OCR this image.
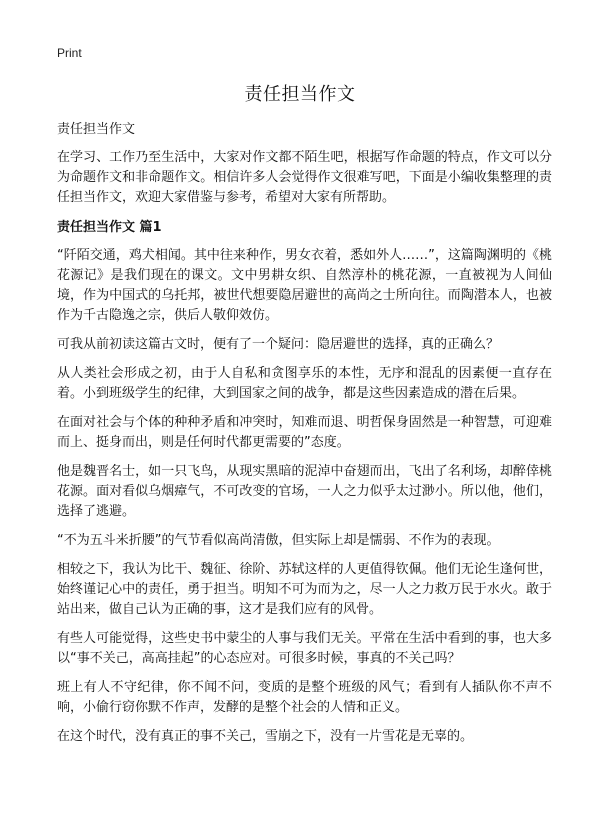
Print
责任担当作文
责任担当作文

在学习、工作乃至生活中，大家对作文都不陌生吧，根据写作命题的特点，作文可以分为命题作文和非命题作文。相信许多人会觉得作文很难写吧，下面是小编收集整理的责任担当作文，欢迎大家借鉴与参考，希望对大家有所帮助。

责任担当作文 篇1

“阡陌交通，鸡犬相闻。其中往来种作，男女衣着，悉如外人……”，这篇陶渊明的《桃花源记》是我们现在的课文。文中男耕女织、自然淳朴的桃花源，一直被视为人间仙境，作为中国式的乌托邦，被世代想要隐居避世的高尚之士所向往。而陶潜本人，也被作为千古隐逸之宗，供后人敬仰效仿。

可我从前初读这篇古文时，便有了一个疑问：隐居避世的选择，真的正确么？

从人类社会形成之初，由于人自私和贪图享乐的本性，无序和混乱的因素便一直存在着。小到班级学生的纪律，大到国家之间的战争，都是这些因素造成的潜在后果。

在面对社会与个体的种种矛盾和冲突时，知难而退、明哲保身固然是一种智慧，可迎难而上、挺身而出，则是任何时代都更需要的”态度。

他是魏晋名士，如一只飞鸟，从现实黑暗的泥淖中奋翅而出，飞出了名利场，却醉倖桃花源。面对看似乌烟瘴气，不可改变的官场，一人之力似乎太过渺小。所以他，他们，选择了逃避。

“不为五斗米折腰”的气节看似高尚清傲，但实际上却是懦弱、不作为的表现。

相较之下，我认为比干、魏征、徐阶、苏轼这样的人更值得钦佩。他们无论生逢何世，始终谨记心中的责任，勇于担当。明知不可为而为之，尽一人之力救万民于水火。敢于站出来，做自己认为正确的事，这才是我们应有的风骨。

有些人可能觉得，这些史书中蒙尘的人事与我们无关。平常在生活中看到的事，也大多以“事不关己，高高挂起”的心态应对。可很多时候，事真的不关己吗？

班上有人不守纪律，你不闻不问，变质的是整个班级的风气；看到有人插队你不声不响，小偷行窃你默不作声，发酵的是整个社会的人情和正义。

在这个时代，没有真正的事不关己，雪崩之下，没有一片雪花是无辜的。
